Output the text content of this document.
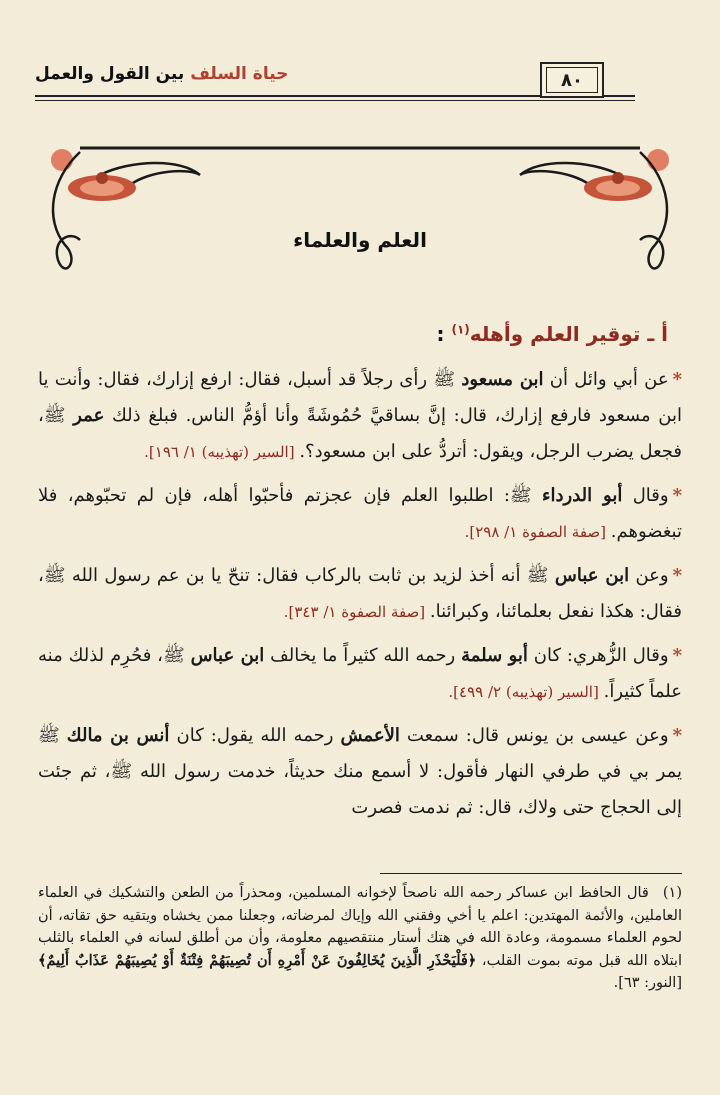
حياة السلف بين القول والعمل	٨٠
العلم والعلماء
أ ـ توقير العلم وأهله$^{(١)}$ :

*عن أبي وائل أن ابن مسعود ﷺ رأى رجلاً قد أسبل، فقال: ارفع إزارك، فقال: وأنت يا ابن مسعود فارفع إزارك، قال: إنَّ بساقيَّ حُمُوشَةً وأنا أؤمُّ الناس. فبلغ ذلك عمر ﷺ، فجعل يضرب الرجل، ويقول: أتردُّ على ابن مسعود؟. [السير (تهذيبه) ١/ ١٩٦].

*وقال أبو الدرداء ﷺ: اطلبوا العلم فإن عجزتم فأحبّوا أهله، فإن لم تحبّوهم، فلا تبغضوهم. [صفة الصفوة ١/ ٢٩٨].

*وعن ابن عباس ﷺ أنه أخذ لزيد بن ثابت بالركاب فقال: تنحّ يا بن عم رسول الله ﷺ، فقال: هكذا نفعل بعلمائنا، وكبرائنا. [صفة الصفوة ١/ ٣٤٣].

*وقال الزُّهري: كان أبو سلمة رحمه الله كثيراً ما يخالف ابن عباس ﷺ، فحُرِم لذلك منه علماً كثيراً. [السير (تهذيبه) ٢/ ٤٩٩].

*وعن عيسى بن يونس قال: سمعت الأعمش رحمه الله يقول: كان أنس بن مالك ﷺ يمر بي في طرفي النهار فأقول: لا أسمع منك حديثاً، خدمت رسول الله ﷺ، ثم جئت إلى الحجاج حتى ولاك، قال: ثم ندمت فصرت

(١)قال الحافظ ابن عساكر رحمه الله ناصحاً لإخوانه المسلمين، ومحذراً من الطعن والتشكيك في العلماء العاملين، والأئمة المهتدين: اعلم يا أخي وفقني الله وإياك لمرضاته، وجعلنا ممن يخشاه ويتقيه حق تقاته، أن لحوم العلماء مسمومة، وعادة الله في هتك أستار منتقصيهم معلومة، وأن من أطلق لسانه في العلماء بالثلب ابتلاه الله قبل موته بموت القلب، ﴿فَلْيَحْذَرِ الَّذِينَ يُخَالِفُونَ عَنْ أَمْرِهِ أَن تُصِيبَهُمْ فِتْنَةٌ أَوْ يُصِيبَهُمْ عَذَابٌ أَلِيمٌ﴾ [النور: ٦٣].
